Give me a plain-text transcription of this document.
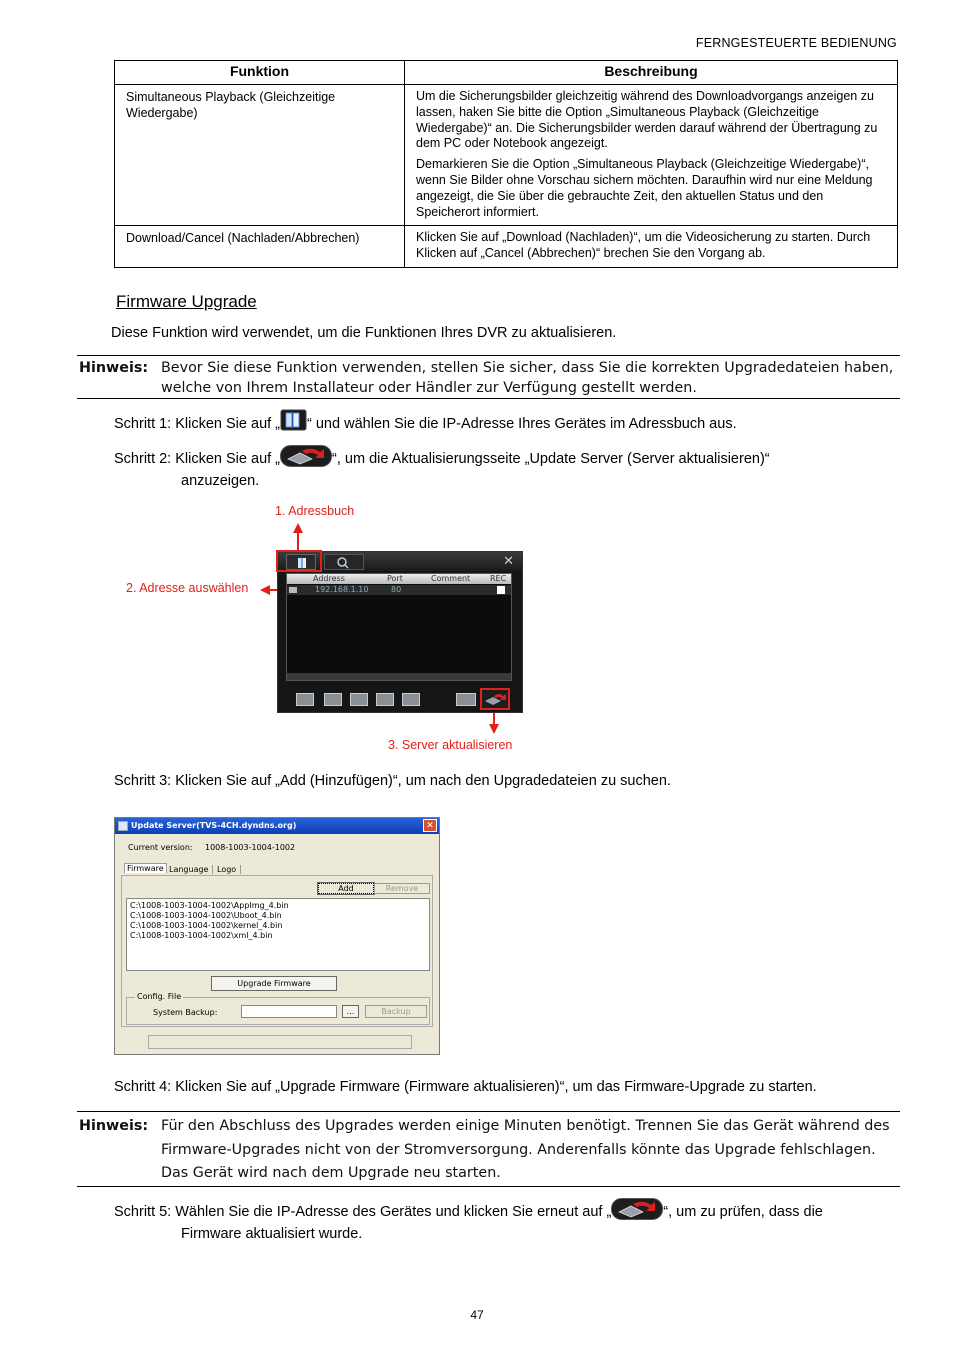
FERNGESTEUERTE BEDIENUNG
Funktion	Beschreibung
Simultaneous Playback (Gleichzeitige Wiedergabe)	Um die Sicherungsbilder gleichzeitig während des Downloadvorgangs anzeigen zu lassen, haken Sie bitte die Option „Simultaneous Playback (Gleichzeitige Wiedergabe)“ an. Die Sicherungsbilder werden darauf während der Übertragung zu dem PC oder Notebook angezeigt.

Demarkieren Sie die Option „Simultaneous Playback (Gleichzeitige Wiedergabe)“, wenn Sie Bilder ohne Vorschau sichern möchten. Daraufhin wird nur eine Meldung angezeigt, die Sie über die gebrauchte Zeit, den aktuellen Status und den Speicherort informiert.

Download/Cancel (Nachladen/Abbrechen)	Klicken Sie auf „Download (Nachladen)“, um die Videosicherung zu starten. Durch Klicken auf „Cancel (Abbrechen)“ brechen Sie den Vorgang ab.

Firmware Upgrade
Diese Funktion wird verwendet, um die Funktionen Ihres DVR zu aktualisieren.
Hinweis: Bevor Sie diese Funktion verwenden, stellen Sie sicher, dass Sie die korrekten Upgradedateien haben, welche von Ihrem Installateur oder Händler zur Verfügung gestellt werden.
Schritt 1: Klicken Sie auf „ “ und wählen Sie die IP-Adresse Ihres Gerätes im Adressbuch aus.
Schritt 2: Klicken Sie auf „	“, um die Aktualisierungsseite „Update Server (Server aktualisieren)“
anzuzeigen.
1. Adressbuch
2. Adresse auswählen
3. Server aktualisieren
✕
Address	Port	Comment REC
192.168.1.10	80
Schritt 3: Klicken Sie auf „Add (Hinzufügen)“, um nach den Upgradedateien zu suchen.
Update Server(TVS-4CH.dyndns.org)	✕
Current version: 1008-1003-1004-1002
Firmware Language	Logo
Add	Remove
C:\1008-1003-1004-1002\AppImg_4.bin
C:\1008-1003-1004-1002\Uboot_4.bin
C:\1008-1003-1004-1002\kernel_4.bin
C:\1008-1003-1004-1002\xml_4.bin
Upgrade Firmware
Config. File
System Backup:	...	Backup
Schritt 4: Klicken Sie auf „Upgrade Firmware (Firmware aktualisieren)“, um das Firmware-Upgrade zu starten.
Hinweis: Für den Abschluss des Upgrades werden einige Minuten benötigt. Trennen Sie das Gerät während des Firmware-Upgrades nicht von der Stromversorgung. Anderenfalls könnte das Upgrade fehlschlagen. Das Gerät wird nach dem Upgrade neu starten.
Schritt 5: Wählen Sie die IP-Adresse des Gerätes und klicken Sie erneut auf „	“, um zu prüfen, dass die
Firmware aktualisiert wurde.
47
